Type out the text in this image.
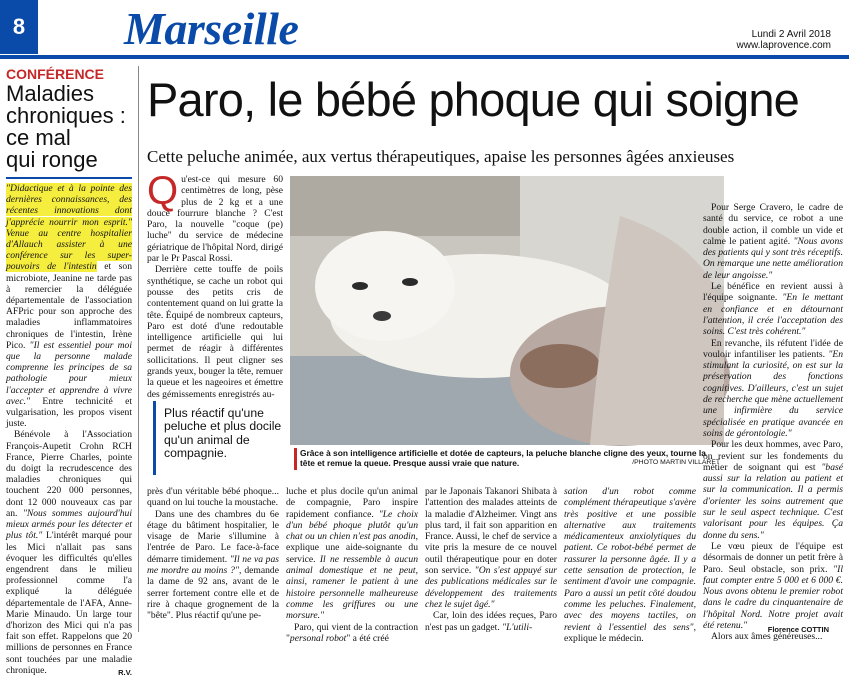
8 Marseille	Lundi 2 Avril 2018
www.laprovence.com
CONFÉRENCE
Maladies
chroniques :
ce mal
qui ronge

"Didactique et à la pointe des dernières connaissances, des récentes innovations dont j'apprécie nourrir mon esprit." Venue au centre hospitalier d'Allauch assister à une conférence sur les super-pouvoirs de l'intestin et son microbiote, Jeanine ne tarde pas à remercier la déléguée départementale de l'association AFPric pour son approche des maladies inflammatoires chroniques de l'intestin, Irène Pico. "Il est essentiel pour moi que la personne malade comprenne les principes de sa pathologie pour mieux l'accepter et apprendre à vivre avec." Entre technicité et vulgarisation, les propos visent juste.

Bénévole à l'Association François-Aupetit Crohn RCH France, Pierre Charles, pointe du doigt la recrudescence des maladies chroniques qui touchent 220 000 personnes, dont 12 000 nouveaux cas par an. "Nous sommes aujourd'hui mieux armés pour les détecter et plus tôt." L'intérêt marqué pour les Mici n'allait pas sans évoquer les difficultés qu'elles engendrent dans le milieu professionnel comme l'a expliqué la déléguée départementale de l'AFA, Anne-Marie Minaudo. Un large tour d'horizon des Mici qui n'a pas fait son effet. Rappelons que 20 millions de personnes en France sont touchées par une maladie chronique.	R.V.
Paro, le bébé phoque qui soigne
Cette peluche animée, aux vertus thérapeutiques, apaise les personnes âgées anxieuses

Qu'est-ce qui mesure 60 centimètres de long, pèse plus de 2 kg et a une douce fourrure blanche ? C'est Paro, la nouvelle "coque (pe) luche" du service de médecine gériatrique de l'hôpital Nord, dirigé par le Pr Pascal Rossi.

Derrière cette touffe de poils synthétique, se cache un robot qui pousse des petits cris de contentement quand on lui gratte la tête. Équipé de nombreux capteurs, Paro est doté d'une redoutable intelligence artificielle qui lui permet de réagir à différentes sollicitations. Il peut cligner ses grands yeux, bouger la tête, remuer la queue et les nageoires et émettre des gémissements enregistrés au-

Plus réactif qu'une peluche et plus docile qu'un animal de compagnie.

près d'un véritable bébé phoque... quand on lui touche la moustache.

Dans une des chambres du 6e étage du bâtiment hospitalier, le visage de Marie s'illumine à l'entrée de Paro. Le face-à-face démarre timidement. "Il ne va pas me mordre au moins ?", demande la dame de 92 ans, avant de le serrer fortement contre elle et de rire à chaque grognement de la "bête". Plus réactif qu'une pe-

luche et plus docile qu'un animal de compagnie, Paro inspire rapidement confiance. "Le choix d'un bébé phoque plutôt qu'un chat ou un chien n'est pas anodin, explique une aide-soignante du service. Il ne ressemble à aucun animal domestique et ne peut, ainsi, ramener le patient à une histoire personnelle malheureuse comme les griffures ou une morsure."

Paro, qui vient de la contraction "personal robot" a été créé

par le Japonais Takanori Shibata à l'attention des malades atteints de la maladie d'Alzheimer. Vingt ans plus tard, il fait son apparition en France. Aussi, le chef de service a vite pris la mesure de ce nouvel outil thérapeutique pour en doter son service. "On s'est appuyé sur des publications médicales sur le développement des traitements chez le sujet âgé."

Car, loin des idées reçues, Paro n'est pas un gadget. "L'utili-

sation d'un robot comme complément thérapeutique s'avère très positive et une possible alternative aux traitements médicamenteux anxiolytiques du patient. Ce robot-bébé permet de rassurer la personne âgée. Il y a cette sensation de protection, le sentiment d'avoir une compagnie. Paro a aussi un petit côté doudou comme les peluches. Finalement, avec des moyens tactiles, on revient à l'essentiel des sens", explique le médecin.

Grâce à son intelligence artificielle et dotée de capteurs, la peluche blanche cligne des yeux, tourne la tête et remue la queue. Presque aussi vraie que nature.	/PHOTO MARTIN VILLARET

Pour Serge Cravero, le cadre de santé du service, ce robot a une double action, il comble un vide et calme le patient agité. "Nous avons des patients qui y sont très réceptifs. On remarque une nette amélioration de leur angoisse."

Le bénéfice en revient aussi à l'équipe soignante. "En le mettant en confiance et en détournant l'attention, il crée l'acceptation des soins. C'est très cohérent."

En revanche, ils réfutent l'idée de vouloir infantiliser les patients. "En stimulant la curiosité, on est sur la préservation des fonctions cognitives. D'ailleurs, c'est un sujet de recherche que mène actuellement une infirmière du service spécialisée en pratique avancée en soins de gérontologie."

Pour les deux hommes, avec Paro, on revient sur les fondements du métier de soignant qui est "basé aussi sur la relation au patient et sur la communication. Il a permis d'orienter les soins autrement que sur le seul aspect technique. C'est valorisant pour les équipes. Ça donne du sens."

Le vœu pieux de l'équipe est désormais de donner un petit frère à Paro. Seul obstacle, son prix. "Il faut compter entre 5 000 et 6 000 €. Nous avons obtenu le premier robot dans le cadre du cinquantenaire de l'hôpital Nord. Notre projet avait été retenu."

Alors aux âmes généreuses...

Florence COTTIN
